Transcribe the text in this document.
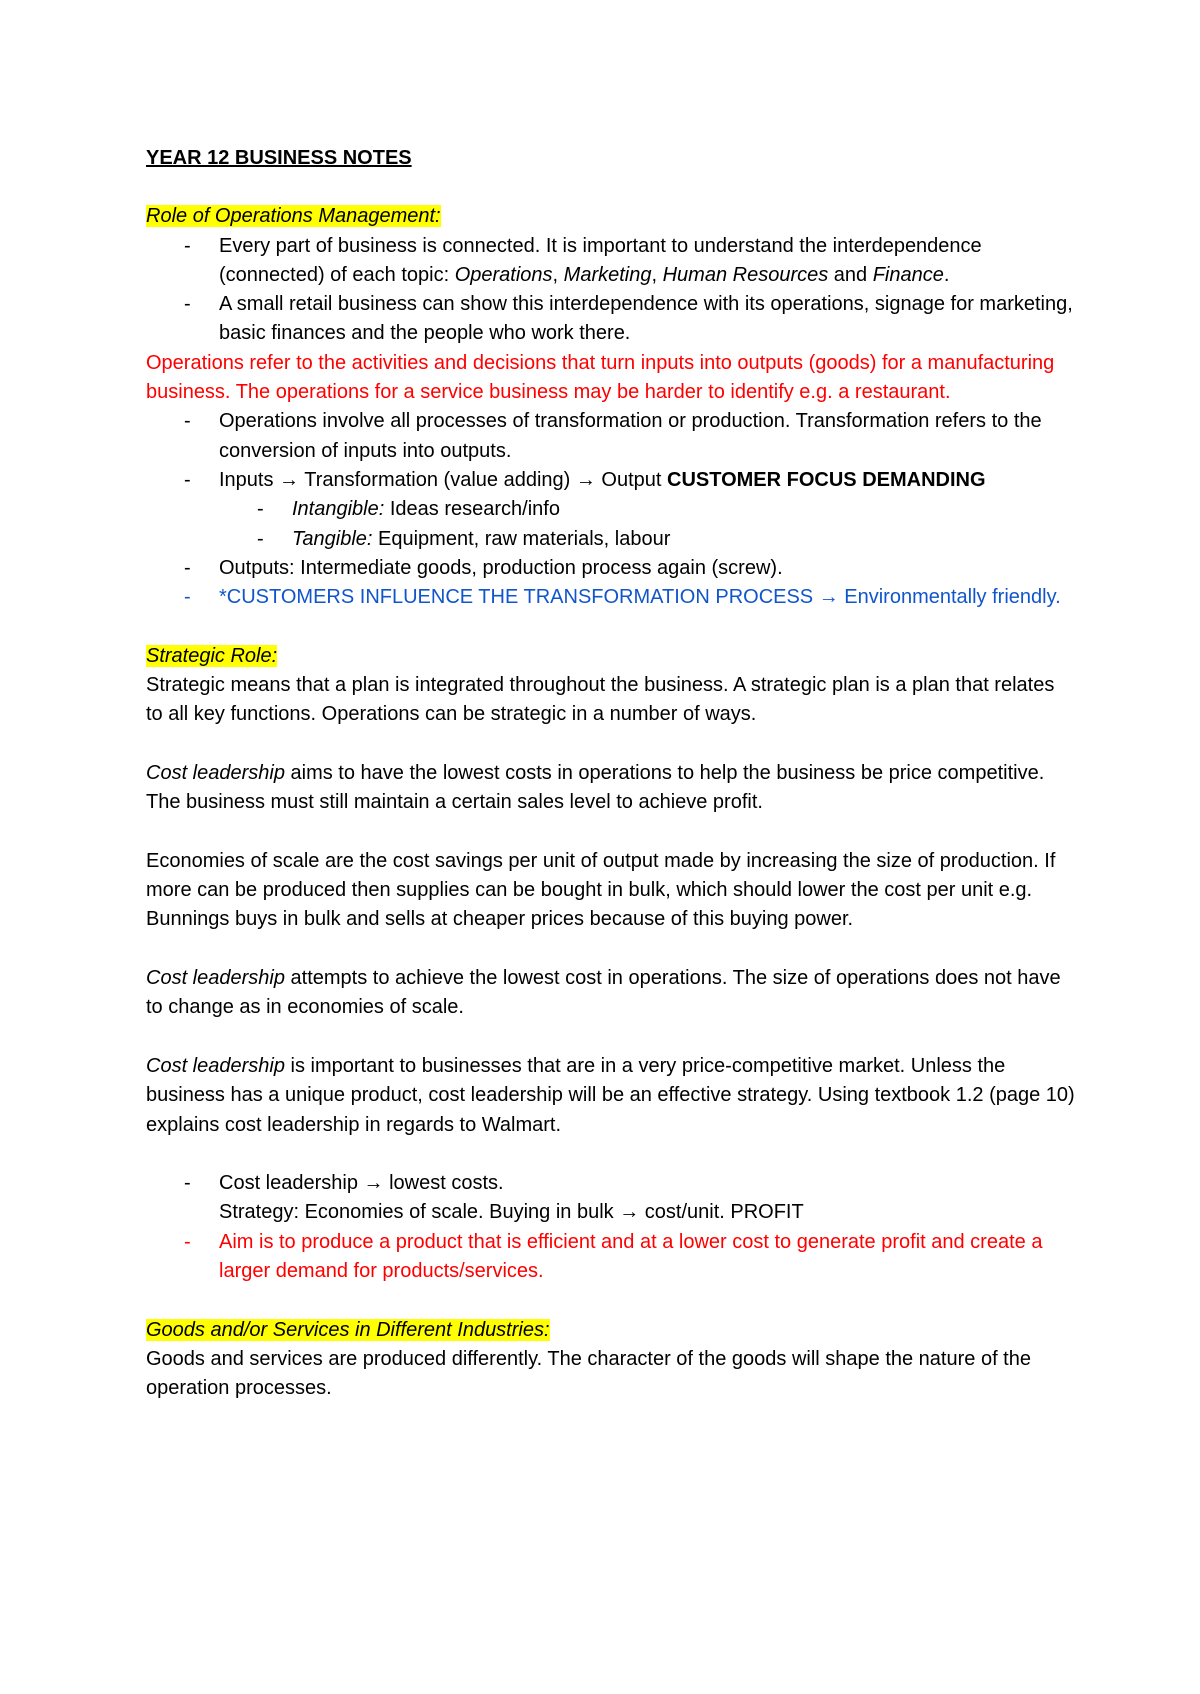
YEAR 12 BUSINESS NOTES

Role of Operations Management:

- Every part of business is connected. It is important to understand the interdependence (connected) of each topic: Operations, Marketing, Human Resources and Finance.
- A small retail business can show this interdependence with its operations, signage for marketing, basic finances and the people who work there.

Operations refer to the activities and decisions that turn inputs into outputs (goods) for a manufacturing business. The operations for a service business may be harder to identify e.g. a restaurant.

- Operations involve all processes of transformation or production. Transformation refers to the conversion of inputs into outputs.
- Inputs → Transformation (value adding) → Output CUSTOMER FOCUS DEMANDING
- Intangible: Ideas research/info
- Tangible: Equipment, raw materials, labour
- Outputs: Intermediate goods, production process again (screw).
- *CUSTOMERS INFLUENCE THE TRANSFORMATION PROCESS → Environmentally friendly.

Strategic Role:

Strategic means that a plan is integrated throughout the business. A strategic plan is a plan that relates to all key functions. Operations can be strategic in a number of ways.

Cost leadership aims to have the lowest costs in operations to help the business be price competitive. The business must still maintain a certain sales level to achieve profit.

Economies of scale are the cost savings per unit of output made by increasing the size of production. If more can be produced then supplies can be bought in bulk, which should lower the cost per unit e.g. Bunnings buys in bulk and sells at cheaper prices because of this buying power.

Cost leadership attempts to achieve the lowest cost in operations. The size of operations does not have to change as in economies of scale.

Cost leadership is important to businesses that are in a very price-competitive market. Unless the business has a unique product, cost leadership will be an effective strategy. Using textbook 1.2 (page 10) explains cost leadership in regards to Walmart.

- Cost leadership → lowest costs.
Strategy: Economies of scale. Buying in bulk → cost/unit. PROFIT
- Aim is to produce a product that is efficient and at a lower cost to generate profit and create a larger demand for products/services.

Goods and/or Services in Different Industries:

Goods and services are produced differently. The character of the goods will shape the nature of the operation processes.
